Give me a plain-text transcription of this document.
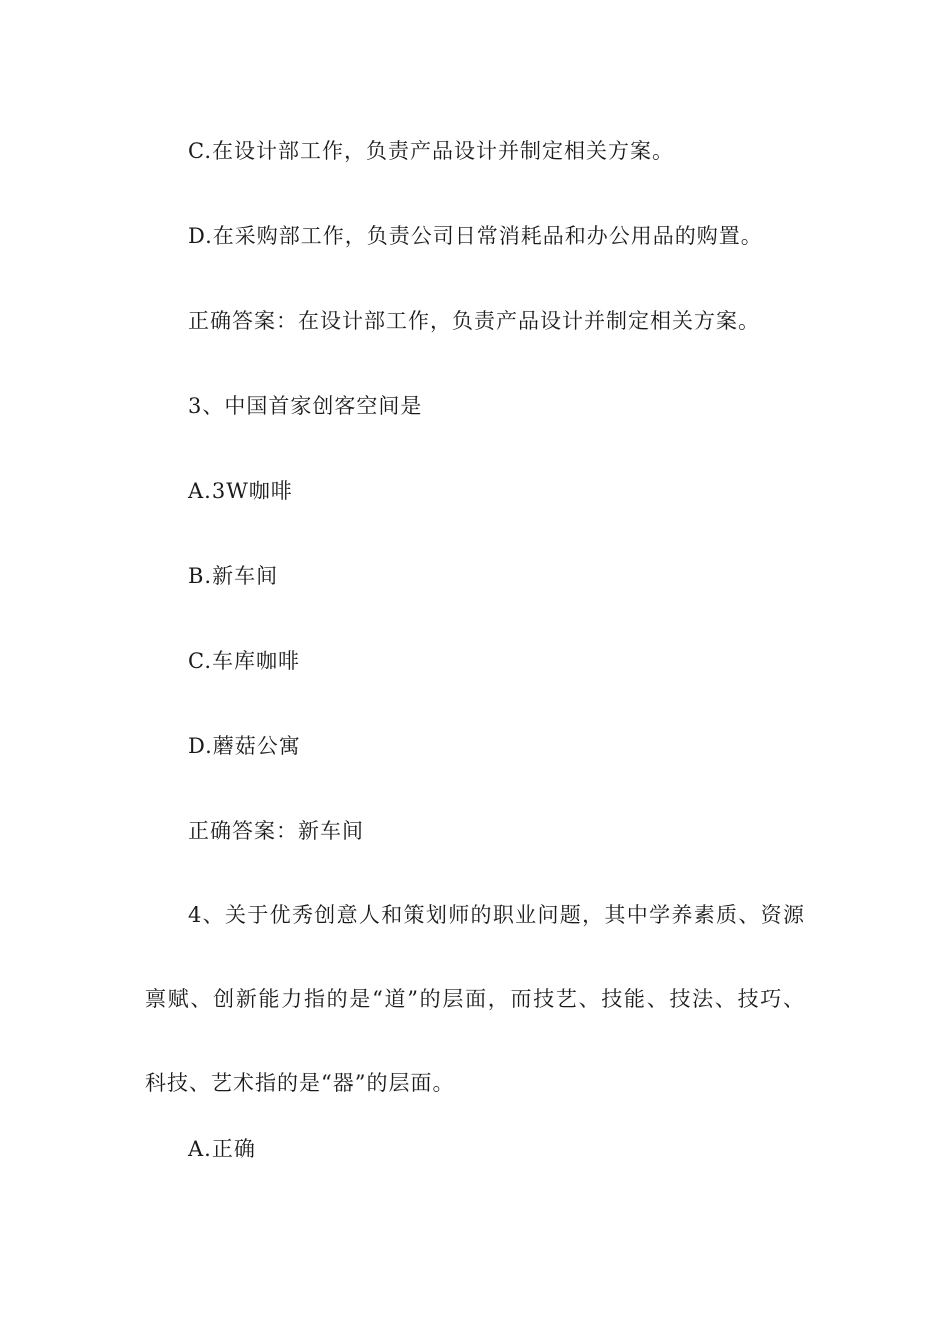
C.在设计部工作，负责产品设计并制定相关方案。
D.在采购部工作，负责公司日常消耗品和办公用品的购置。
正确答案：在设计部工作，负责产品设计并制定相关方案。
3、中国首家创客空间是
A.3W咖啡
B.新车间
C.车库咖啡
D.蘑菇公寓
正确答案：新车间
4、关于优秀创意人和策划师的职业问题，其中学养素质、资源禀赋、创新能力指的是“道”的层面，而技艺、技能、技法、技巧、科技、艺术指的是“器”的层面。
A.正确
